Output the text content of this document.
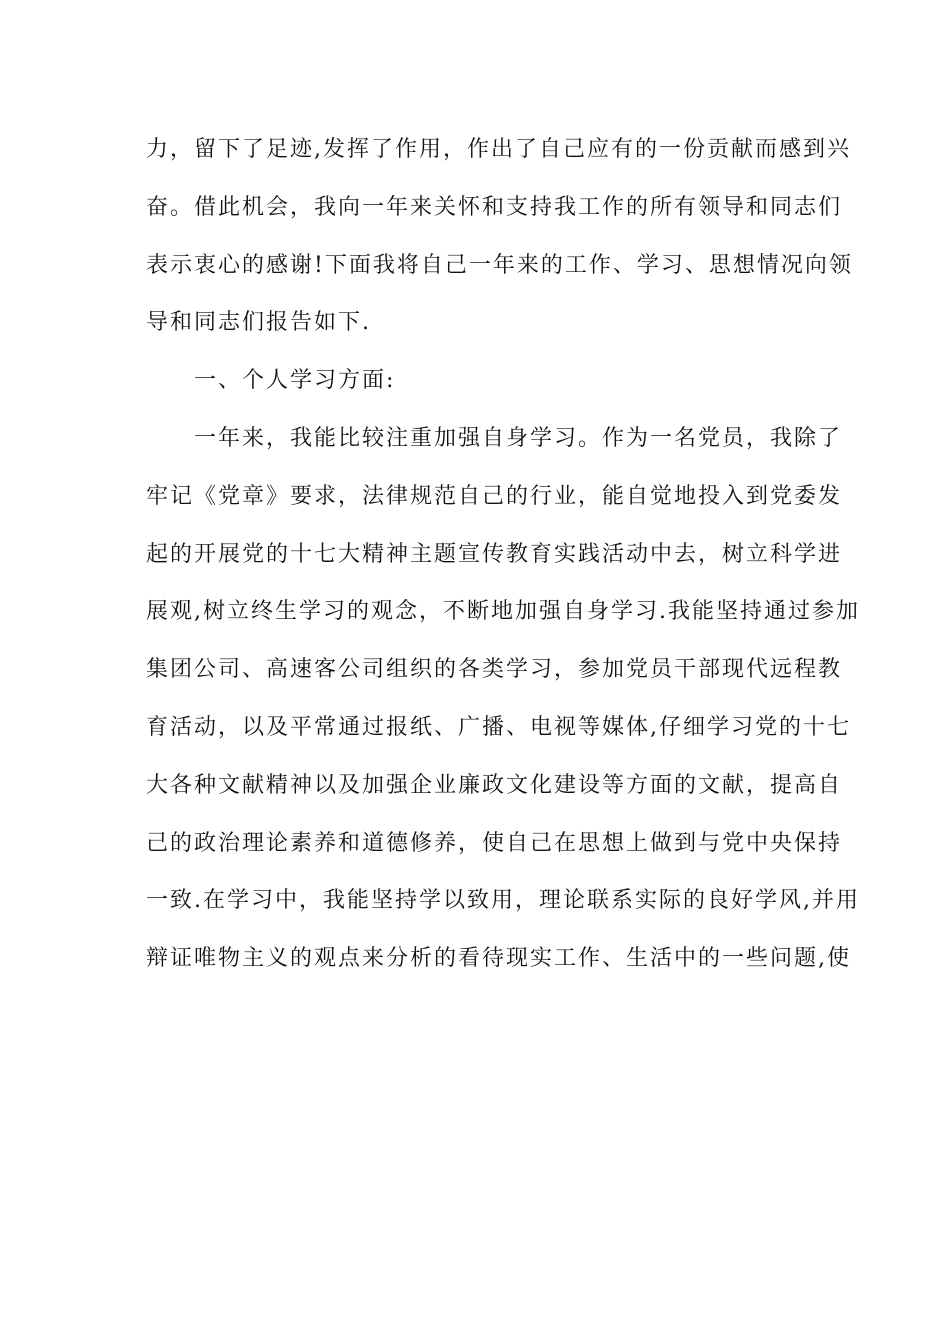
力，留下了足迹,发挥了作用，作出了自己应有的一份贡献而感到兴
奋。借此机会，我向一年来关怀和支持我工作的所有领导和同志们
表示衷心的感谢!下面我将自己一年来的工作、学习、思想情况向领
导和同志们报告如下.
一、个人学习方面:
一年来，我能比较注重加强自身学习。作为一名党员，我除了
牢记《党章》要求，法律规范自己的行业，能自觉地投入到党委发
起的开展党的十七大精神主题宣传教育实践活动中去，树立科学进
展观,树立终生学习的观念，不断地加强自身学习.我能坚持通过参加
集团公司、高速客公司组织的各类学习，参加党员干部现代远程教
育活动，以及平常通过报纸、广播、电视等媒体,仔细学习党的十七
大各种文献精神以及加强企业廉政文化建设等方面的文献，提高自
己的政治理论素养和道德修养，使自己在思想上做到与党中央保持
一致.在学习中，我能坚持学以致用，理论联系实际的良好学风,并用
辩证唯物主义的观点来分析的看待现实工作、生活中的一些问题,使
